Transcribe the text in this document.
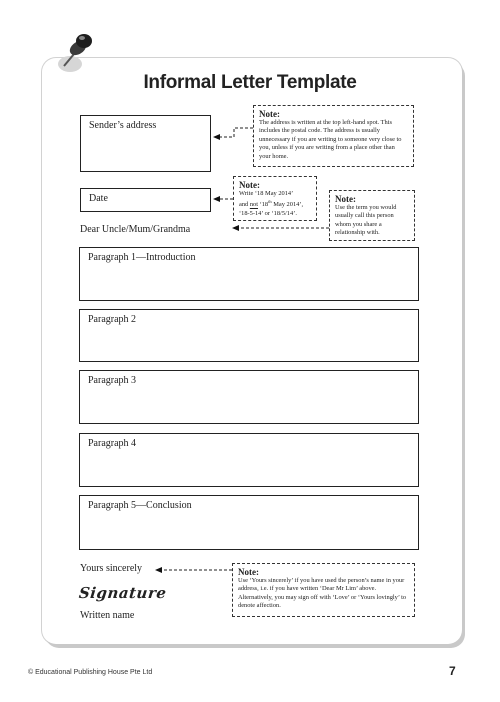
Informal Letter Template
Sender’s address
Note:

The address is written at the top left-hand spot. This includes the postal code. The address is usually unnecessary if you are writing to someone very close to you, unless if you are writing from a place other than your home.

Date
Note:

Write ‘18 May 2014’

and not ‘18th May 2014’,

‘18-5-14’ or ‘18/5/14’.

Note:

Use the term you would usually call this person whom you share a relationship with.

Dear Uncle/Mum/Grandma
Paragraph 1—Introduction
Paragraph 2
Paragraph 3
Paragraph 4
Paragraph 5—Conclusion
Yours sincerely	Note:

Use ‘Yours sincerely’ if you have used the person’s name in your address, i.e. if you have written ‘Dear Mr Lim’ above. Alternatively, you may sign off with ‘Love’ or ‘Yours lovingly’ to denote affection.

Signature
Written name
© Educational Publishing House Pte Ltd	7
